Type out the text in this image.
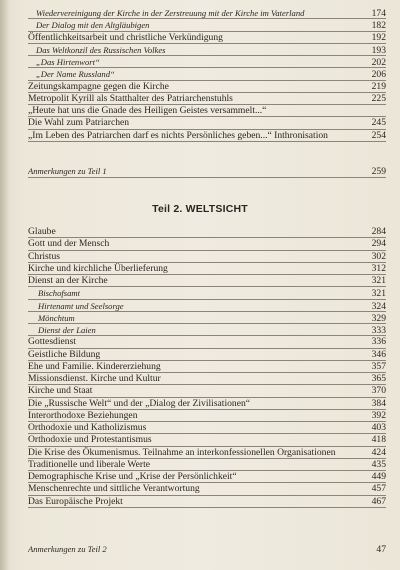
Wiedervereinigung der Kirche in der Zerstreuung mit der Kirche im Vaterland	174
Der Dialog mit den Altgläubigen	182
Öffentlichkeitsarbeit und christliche Verkündigung	192
Das Weltkonzil des Russischen Volkes	193
„Das Hirtenwort“	202
„Der Name Russland“	206
Zeitungskampagne gegen die Kirche	219
Metropolit Kyrill als Statthalter des Patriarchenstuhls	225
„Heute hat uns die Gnade des Heiligen Geistes versammelt...“
Die Wahl zum Patriarchen	245
„Im Leben des Patriarchen darf es nichts Persönliches geben...“ Inthronisation	254
Anmerkungen zu Teil 1	259
Teil 2. WELTSICHT
Glaube	284
Gott und der Mensch	294
Christus	302
Kirche und kirchliche Überlieferung	312
Dienst an der Kirche	321
Bischofsamt	321
Hirtenamt und Seelsorge	324
Mönchtum	329
Dienst der Laien	333
Gottesdienst	336
Geistliche Bildung	346
Ehe und Familie. Kindererziehung	357
Missionsdienst. Kirche und Kultur	365
Kirche und Staat	370
Die „Russische Welt“ und der „Dialog der Zivilisationen“	384
Interorthodoxe Beziehungen	392
Orthodoxie und Katholizismus	403
Orthodoxie und Protestantismus	418
Die Krise des Ökumenismus. Teilnahme an interkonfessionellen Organisationen	424
Traditionelle und liberale Werte	435
Demographische Krise und „Krise der Persönlichkeit“	449
Menschenrechte und sittliche Verantwortung	457
Das Europäische Projekt	467
Anmerkungen zu Teil 2	47
